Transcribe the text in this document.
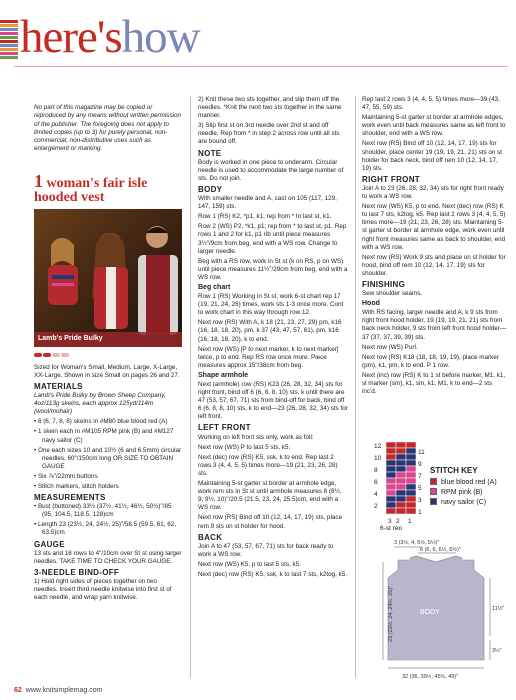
here'show

No part of this magazine may be copied or reproduced by any means without written permission of the publisher. The foregoing does not apply to limited copies (up to 3) for purely personal, non-commercial, non-distributive uses such as enlargement or marking.

1 woman's fair isle hooded vest
Lamb's Pride Bulky

Sized for Woman's Small, Medium, Large, X-Large, XX-Large. Shown in size Small on pages 26 and 27.

MATERIALS

Lamb's Pride Bulky by Brown Sheep Company, 4oz/113g skeins, each approx 125yd/114m (wool/mohair)

• 6 (6, 7, 8, 8) skeins in #M80 blue blood red (A)

• 1 skein each in #M105 RPM pink (B) and #M127 navy sailor (C)

• One each sizes 10 and 10½ (6 and 6.5mm) circular needles, 60"/150cm long OR SIZE TO OBTAIN GAUGE

• Six ⅞"/22mm buttons

• Stitch markers, stitch holders

MEASUREMENTS

• Bust (buttoned) 33½ (37½, 41½, 46½, 50½)"/85 (95, 104.5, 118.5, 128)cm

• Length 23 (23½, 24, 24½, 25)"/58.5 (59.5, 61, 62, 63.5)cm

GAUGE

13 sts and 18 rows to 4"/10cm over St st using larger needles. TAKE TIME TO CHECK YOUR GAUGE.

3-NEEDLE BIND-OFF

1) Hold right sides of pieces together on two needles. Insert third needle knitwise into first st of each needle, and wrap yarn knitwise.

2) Knit these two sts together, and slip them off the needles. *Knit the next two sts together in the same manner.

3) Slip first st on 3rd needle over 2nd st and off needle. Rep from * in step 2 across row until all sts are bound off.

NOTE

Body is worked in one piece to underarm. Circular needle is used to accommodate the large number of sts. Do not join.

BODY

With smaller needle and A, cast on 105 (117, 129, 147, 159) sts.

Row 1 (RS) K2, *p1, k1; rep from * to last st, k1.

Row 2 (WS) P2, *k1, p1; rep from * to last st, p1. Rep rows 1 and 2 for k1, p1 rib until piece measures 3½"/9cm from beg, end with a WS row. Change to larger needle.

Beg with a RS row, work in St st (k on RS, p on WS) until piece measures 11½"/29cm from beg, end with a WS row.

Beg chart

Row 1 (RS) Working in St st, work 6-st chart rep 17 (19, 21, 24, 26) times, work sts 1-3 once more. Cont to work chart in this way through row 12.

Next row (RS) With A, k 18 (21, 23, 27, 29) pm, k16 (16, 18, 18, 20), pm, k 37 (43, 47, 57, 61), pm, k16 (16, 18, 18, 20), k to end.

Next row (WS) [P to next marker, k to next marker] twice, p to end. Rep RS row once more. Piece measures approx 15"/38cm from beg.

Shape armhole

Next (armhole) row (RS) K23 (26, 28, 32, 34) sts for right front, bind off 6 (6, 8, 8, 10) sts, k until there are 47 (53, 57, 67, 71) sts from bind-off for back, bind off 6 (6, 8, 8, 10) sts, k to end—23 (26, 28, 32, 34) sts for left front.

LEFT FRONT

Working on left front sts only, work as foll:

Next row (WS) P to last 5 sts, k5.

Next (dec) row (RS) K5, ssk, k to end. Rep last 2 rows 3 (4, 4, 5, 5) times more—19 (21, 23, 26, 28) sts.

Maintaining 5-st garter st border at armhole edge, work rem sts in St st until armhole measures 8 (8½, 9, 9½, 10)"/20.5 (21.5, 23, 24, 25.5)cm, end with a WS row.

Next row (RS) Bind off 10 (12, 14, 17, 19) sts, place rem 9 sts on st holder for hood.

BACK

Join A to 47 (53, 57, 67, 71) sts for back ready to work a WS row.

Next row (WS) K5, p to last 5 sts, k5.

Next (dec) row (RS) K5, ssk, k to last 7 sts, k2tog, k5.

Rep last 2 rows 3 (4, 4, 5, 5) times more—39 (43, 47, 55, 59) sts.

Maintaining 5-st garter st border at armhole edges, work even until back measures same as left front to shoulder, end with a WS row.

Next row (RS) Bind off 10 (12, 14, 17, 19) sts for shoulder, place center 19 (19, 19, 21, 21) sts on st holder for back neck, bind off rem 10 (12, 14, 17, 19) sts.

RIGHT FRONT

Join A to 23 (26, 28, 32, 34) sts for right front ready to work a WS row.

Next row (WS) K5, p to end. Next (dec) row (RS) K to last 7 sts, k2tog, k5. Rep last 2 rows 3 (4, 4, 5, 5) times more—19 (21, 23, 26, 28) sts. Maintaining 5-st garter st border at armhole edge, work even until right front measures same as back to shoulder, end with a WS row.

Next row (RS) Work 9 sts and place on st holder for hood, bind off rem 10 (12, 14, 17, 19) sts for shoulder.

FINISHING

Sew shoulder seams.

Hood

With RS facing, larger needle and A, k 9 sts from right front hood holder, 19 (19, 19, 21, 21) sts from back neck holder, 9 sts from left front hood holder—37 (37, 37, 39, 39) sts.

Next row (WS) Purl.

Next row (RS) K18 (18, 18, 19, 19), place marker (pm), k1, pm, k to end. P 1 row.

Next (inc) row (RS) K to 1 st before marker, M1, k1, sl marker (sm), k1, sm, k1, M1, k to end—2 sts inc'd.

12
11
10
9
8
7
6
5
4
3
2
1
3 2 1
6-st rep
STITCH KEY
blue blood red (A)
RPM pink (B)
navy sailor (C)
3 (3½, 4, 5½, 5½)"
6 (6, 6, 6½, 6½)"
23 (23½, 24, 24½, 25)"	BODY	11½"
3½"
32 (36, 39½, 45½, 49)"
62 www.knitsimplemag.com
